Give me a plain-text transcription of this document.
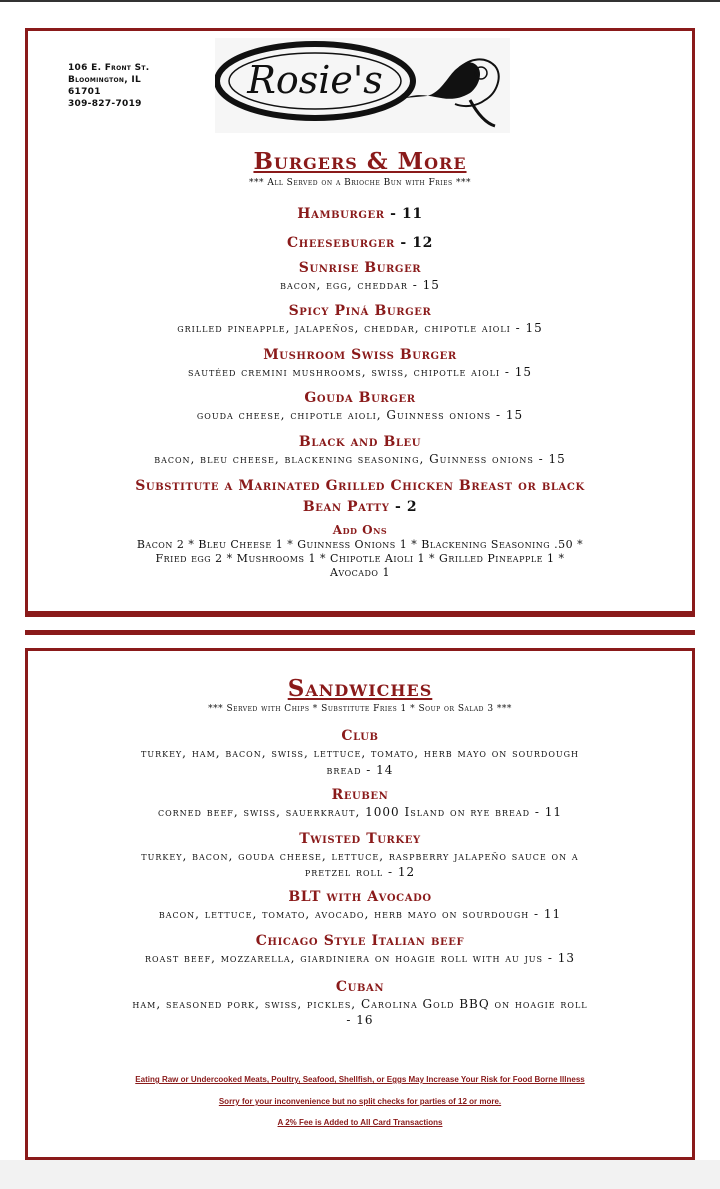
106 E. Front St.
Bloomington, IL
61701
309-827-7019
Rosie's
Burgers & More
*** All Served on a Brioche Bun with Fries ***
Hamburger - 11
Cheeseburger - 12
Sunrise Burger
bacon, egg, cheddar - 15
Spicy Piná Burger
grilled pineapple, jalapeños, cheddar, chipotle aioli - 15
Mushroom Swiss Burger
sautéed cremini mushrooms, swiss, chipotle aioli - 15
Gouda Burger
gouda cheese, chipotle aioli, Guinness onions - 15
Black and Bleu
bacon, bleu cheese, blackening seasoning, Guinness onions - 15
Substitute a Marinated Grilled Chicken Breast or black
Bean Patty - 2
Add Ons
Bacon 2 * Bleu Cheese 1 * Guinness Onions 1 * Blackening Seasoning .50 *
Fried egg 2 * Mushrooms 1 * Chipotle Aioli 1 * Grilled Pineapple 1 *
Avocado 1
Sandwiches
*** Served with Chips * Substitute Fries 1 * Soup or Salad 3 ***
Club
turkey, ham, bacon, swiss, lettuce, tomato, herb mayo on sourdough
bread - 14
Reuben
corned beef, swiss, sauerkraut, 1000 Island on rye bread - 11
Twisted Turkey
turkey, bacon, gouda cheese, lettuce, raspberry jalapeño sauce on a
pretzel roll - 12
BLT with Avocado
bacon, lettuce, tomato, avocado, herb mayo on sourdough - 11
Chicago Style Italian beef
roast beef, mozzarella, giardiniera on hoagie roll with au jus - 13
Cuban
ham, seasoned pork, swiss, pickles, Carolina Gold BBQ on hoagie roll
- 16
Eating Raw or Undercooked Meats, Poultry, Seafood, Shellfish, or Eggs May Increase Your Risk for Food Borne Illness
Sorry for your inconvenience but no split checks for parties of 12 or more.
A 2% Fee is Added to All Card Transactions
